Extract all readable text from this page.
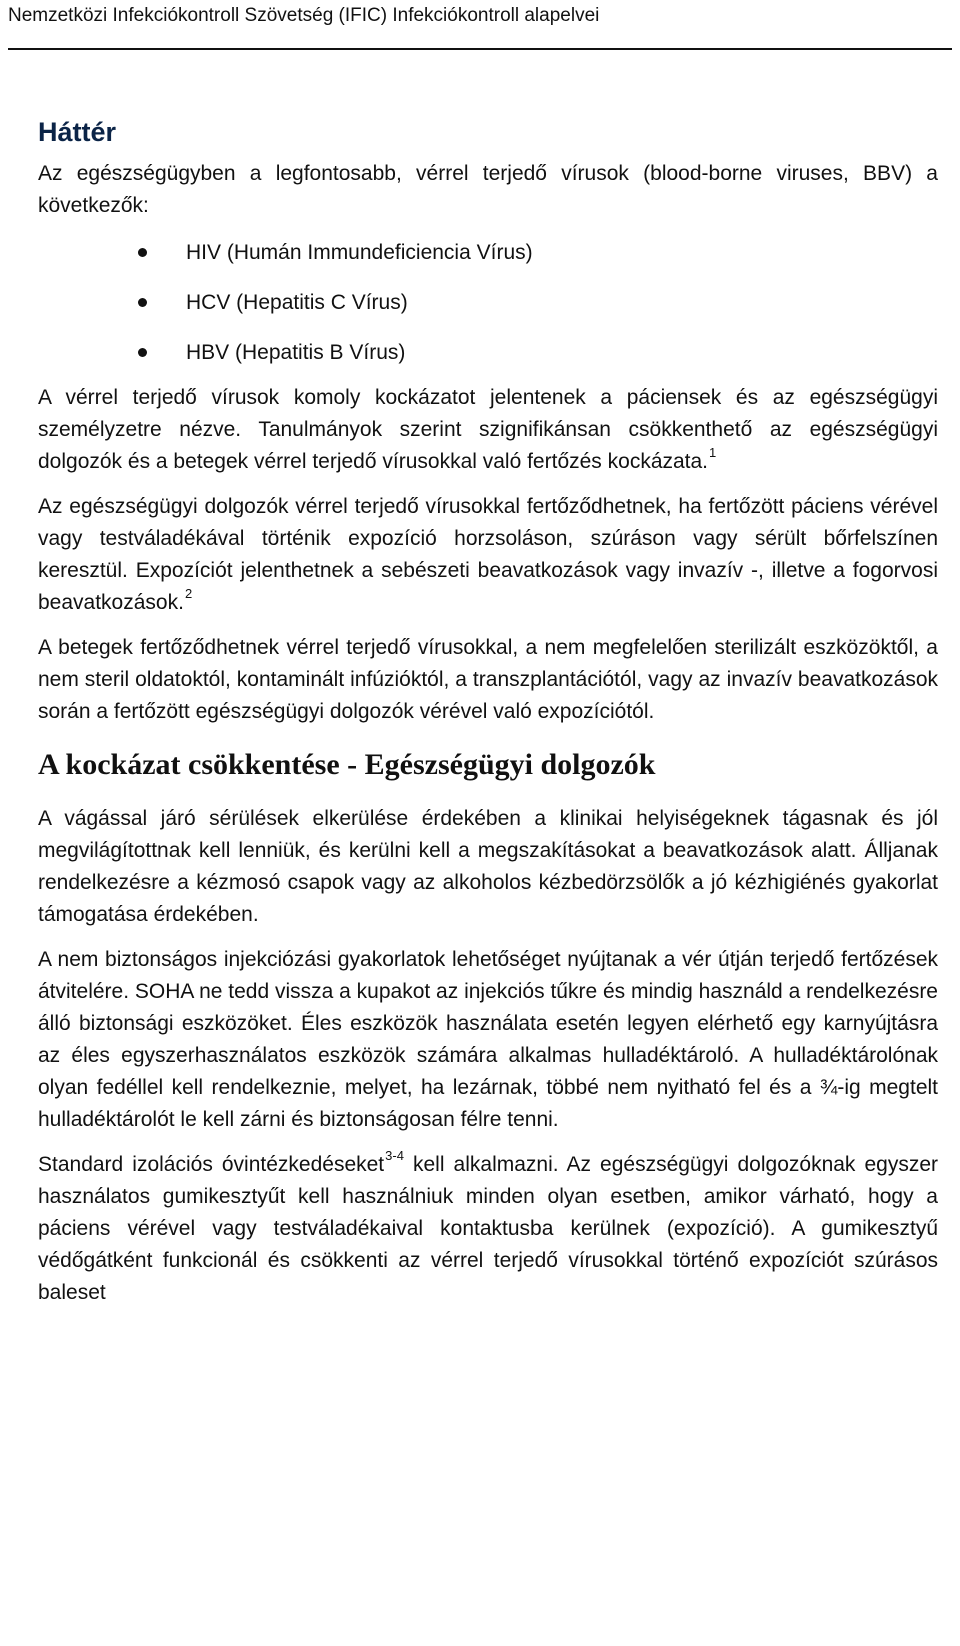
Nemzetközi Infekciókontroll Szövetség (IFIC) Infekciókontroll alapelvei
Háttér

Az egészségügyben a legfontosabb, vérrel terjedő vírusok (blood-borne viruses, BBV) a következők:

HIV (Humán Immundeficiencia Vírus)
HCV (Hepatitis C Vírus)
HBV (Hepatitis B Vírus)

A vérrel terjedő vírusok komoly kockázatot jelentenek a páciensek és az egészségügyi személyzetre nézve. Tanulmányok szerint szignifikánsan csökkenthető az egészségügyi dolgozók és a betegek vérrel terjedő vírusokkal való fertőzés kockázata.$^1$

Az egészségügyi dolgozók vérrel terjedő vírusokkal fertőződhetnek, ha fertőzött páciens vérével vagy testváladékával történik expozíció horzsoláson, szúráson vagy sérült bőrfelszínen keresztül. Expozíciót jelenthetnek a sebészeti beavatkozások vagy invazív -, illetve a fogorvosi beavatkozások.$^2$

A betegek fertőződhetnek vérrel terjedő vírusokkal, a nem megfelelően sterilizált eszközöktől, a nem steril oldatoktól, kontaminált infúzióktól, a transzplantációtól, vagy az invazív beavatkozások során a fertőzött egészségügyi dolgozók vérével való expozíciótól.

A kockázat csökkentése - Egészségügyi dolgozók

A vágással járó sérülések elkerülése érdekében a klinikai helyiségeknek tágasnak és jól megvilágítottnak kell lenniük, és kerülni kell a megszakításokat a beavatkozások alatt. Álljanak rendelkezésre a kézmosó csapok vagy az alkoholos kézbedörzsölők a jó kézhigiénés gyakorlat támogatása érdekében.

A nem biztonságos injekciózási gyakorlatok lehetőséget nyújtanak a vér útján terjedő fertőzések átvitelére. SOHA ne tedd vissza a kupakot az injekciós tűkre és mindig használd a rendelkezésre álló biztonsági eszközöket. Éles eszközök használata esetén legyen elérhető egy karnyújtásra az éles egyszerhasználatos eszközök számára alkalmas hulladéktároló. A hulladéktárolónak olyan fedéllel kell rendelkeznie, melyet, ha lezárnak, többé nem nyitható fel és a ¾-ig megtelt hulladéktárolót le kell zárni és biztonságosan félre tenni.

Standard izolációs óvintézkedéseket$^{3-4}$ kell alkalmazni. Az egészségügyi dolgozóknak egyszer használatos gumikesztyűt kell használniuk minden olyan esetben, amikor várható, hogy a páciens vérével vagy testváladékaival kontaktusba kerülnek (expozíció). A gumikesztyű védőgátként funkcionál és csökkenti az vérrel terjedő vírusokkal történő expozíciót szúrásos baleset
